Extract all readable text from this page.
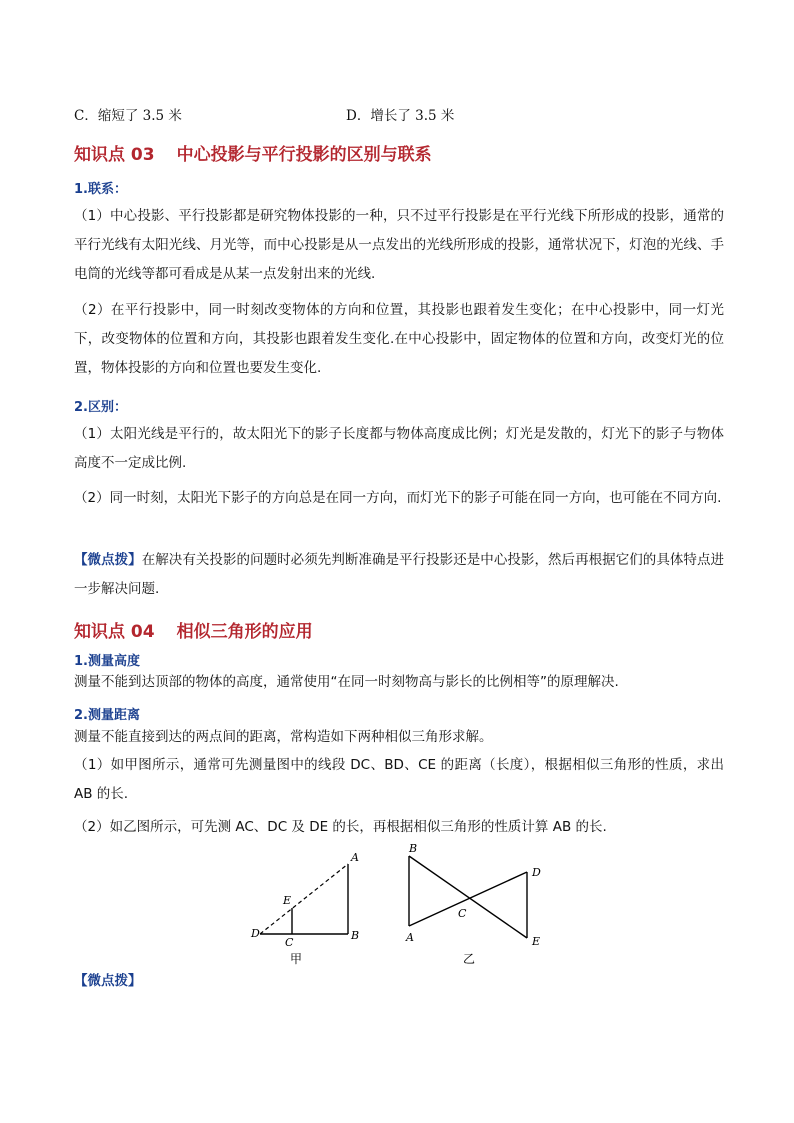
C．缩短了 3.5 米	D．增长了 3.5 米
知识点 03 中心投影与平行投影的区别与联系
1.联系：
（1）中心投影、平行投影都是研究物体投影的一种，只不过平行投影是在平行光线下所形成的投影，通常的平行光线有太阳光线、月光等，而中心投影是从一点发出的光线所形成的投影，通常状况下，灯泡的光线、手电筒的光线等都可看成是从某一点发射出来的光线.
（2）在平行投影中，同一时刻改变物体的方向和位置，其投影也跟着发生变化；在中心投影中，同一灯光下，改变物体的位置和方向，其投影也跟着发生变化.在中心投影中，固定物体的位置和方向，改变灯光的位置，物体投影的方向和位置也要发生变化.
2.区别：
（1）太阳光线是平行的，故太阳光下的影子长度都与物体高度成比例；灯光是发散的，灯光下的影子与物体高度不一定成比例.
（2）同一时刻，太阳光下影子的方向总是在同一方向，而灯光下的影子可能在同一方向，也可能在不同方向.
【微点拨】在解决有关投影的问题时必须先判断准确是平行投影还是中心投影，然后再根据它们的具体特点进一步解决问题.
知识点 04 相似三角形的应用
1.测量高度
测量不能到达顶部的物体的高度，通常使用“在同一时刻物高与影长的比例相等”的原理解决.
2.测量距离
测量不能直接到达的两点间的距离，常构造如下两种相似三角形求解。
（1）如甲图所示，通常可先测量图中的线段 DC、BD、CE 的距离（长度），根据相似三角形的性质，求出 AB 的长.
（2）如乙图所示，可先测 AC、DC 及 DE 的长，再根据相似三角形的性质计算 AB 的长.
A
E
D
C
B
甲
B
D
C
A	E
乙
【微点拨】
